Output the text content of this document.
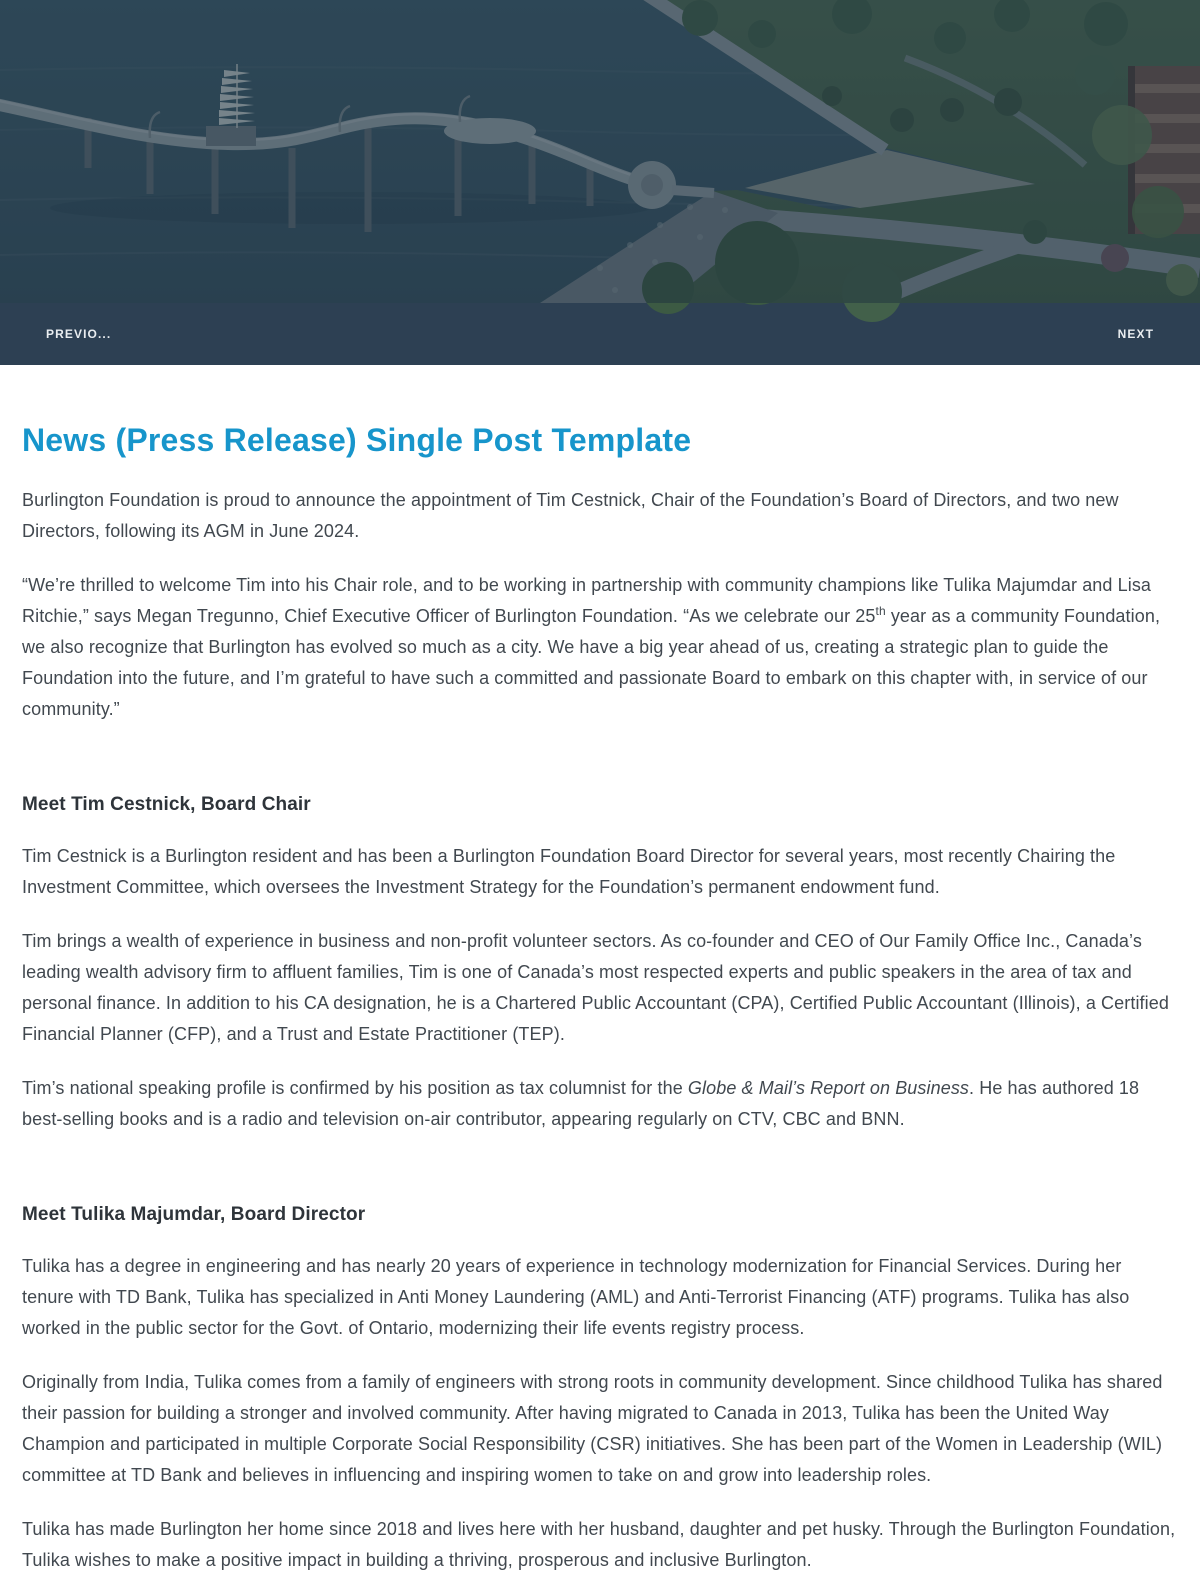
PREVIO...	NEXT
News (Press Release) Single Post Template

Burlington Foundation is proud to announce the appointment of Tim Cestnick, Chair of the Foundation’s Board of Directors, and two new Directors, following its AGM in June 2024.

“We’re thrilled to welcome Tim into his Chair role, and to be working in partnership with community champions like Tulika Majumdar and Lisa Ritchie,” says Megan Tregunno, Chief Executive Officer of Burlington Foundation. “As we celebrate our 25th year as a community Foundation, we also recognize that Burlington has evolved so much as a city. We have a big year ahead of us, creating a strategic plan to guide the Foundation into the future, and I’m grateful to have such a committed and passionate Board to embark on this chapter with, in service of our community.”

Meet Tim Cestnick, Board Chair

Tim Cestnick is a Burlington resident and has been a Burlington Foundation Board Director for several years, most recently Chairing the Investment Committee, which oversees the Investment Strategy for the Foundation’s permanent endowment fund.

Tim brings a wealth of experience in business and non-profit volunteer sectors. As co-founder and CEO of Our Family Office Inc., Canada’s leading wealth advisory firm to affluent families, Tim is one of Canada’s most respected experts and public speakers in the area of tax and personal finance. In addition to his CA designation, he is a Chartered Public Accountant (CPA), Certified Public Accountant (Illinois), a Certified Financial Planner (CFP), and a Trust and Estate Practitioner (TEP).

Tim’s national speaking profile is confirmed by his position as tax columnist for the Globe & Mail’s Report on Business. He has authored 18 best-selling books and is a radio and television on-air contributor, appearing regularly on CTV, CBC and BNN.

Meet Tulika Majumdar, Board Director

Tulika has a degree in engineering and has nearly 20 years of experience in technology modernization for Financial Services. During her tenure with TD Bank, Tulika has specialized in Anti Money Laundering (AML) and Anti-Terrorist Financing (ATF) programs. Tulika has also worked in the public sector for the Govt. of Ontario, modernizing their life events registry process.

Originally from India, Tulika comes from a family of engineers with strong roots in community development. Since childhood Tulika has shared their passion for building a stronger and involved community. After having migrated to Canada in 2013, Tulika has been the United Way Champion and participated in multiple Corporate Social Responsibility (CSR) initiatives. She has been part of the Women in Leadership (WIL) committee at TD Bank and believes in influencing and inspiring women to take on and grow into leadership roles.

Tulika has made Burlington her home since 2018 and lives here with her husband, daughter and pet husky. Through the Burlington Foundation, Tulika wishes to make a positive impact in building a thriving, prosperous and inclusive Burlington.
